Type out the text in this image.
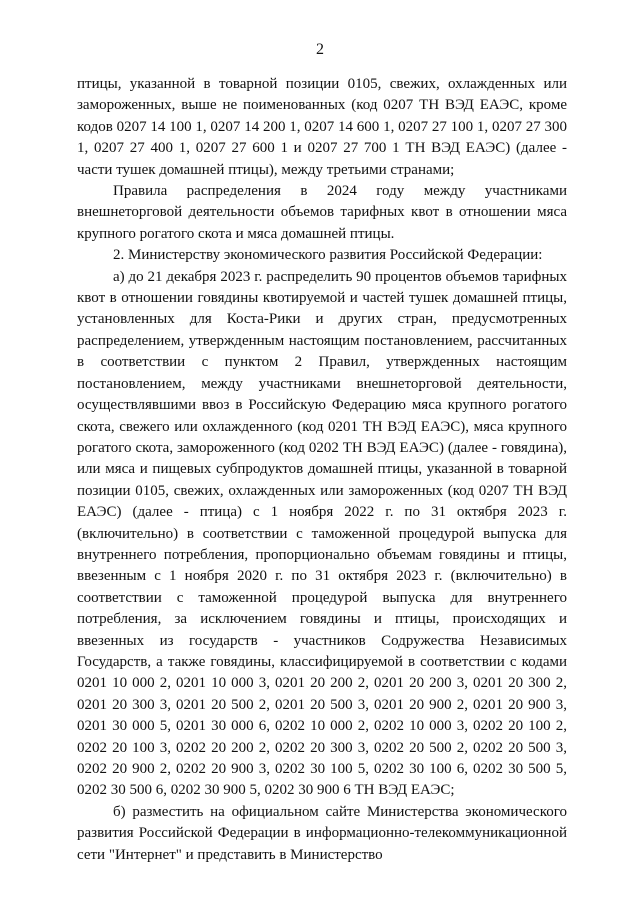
2

птицы, указанной в товарной позиции 0105, свежих, охлажденных или замороженных, выше не поименованных (код 0207 ТН ВЭД ЕАЭС, кроме кодов 0207 14 100 1, 0207 14 200 1, 0207 14 600 1, 0207 27 100 1, 0207 27 300 1, 0207 27 400 1, 0207 27 600 1 и 0207 27 700 1 ТН ВЭД ЕАЭС) (далее - части тушек домашней птицы), между третьими странами;

Правила распределения в 2024 году между участниками внешнеторговой деятельности объемов тарифных квот в отношении мяса крупного рогатого скота и мяса домашней птицы.

2. Министерству экономического развития Российской Федерации:

а) до 21 декабря 2023 г. распределить 90 процентов объемов тарифных квот в отношении говядины квотируемой и частей тушек домашней птицы, установленных для Коста-Рики и других стран, предусмотренных распределением, утвержденным настоящим постановлением, рассчитанных в соответствии с пунктом 2 Правил, утвержденных настоящим постановлением, между участниками внешнеторговой деятельности, осуществлявшими ввоз в Российскую Федерацию мяса крупного рогатого скота, свежего или охлажденного (код 0201 ТН ВЭД ЕАЭС), мяса крупного рогатого скота, замороженного (код 0202 ТН ВЭД ЕАЭС) (далее - говядина), или мяса и пищевых субпродуктов домашней птицы, указанной в товарной позиции 0105, свежих, охлажденных или замороженных (код 0207 ТН ВЭД ЕАЭС) (далее - птица) с 1 ноября 2022 г. по 31 октября 2023 г. (включительно) в соответствии с таможенной процедурой выпуска для внутреннего потребления, пропорционально объемам говядины и птицы, ввезенным с 1 ноября 2020 г. по 31 октября 2023 г. (включительно) в соответствии с таможенной процедурой выпуска для внутреннего потребления, за исключением говядины и птицы, происходящих и ввезенных из государств - участников Содружества Независимых Государств, а также говядины, классифицируемой в соответствии с кодами 0201 10 000 2, 0201 10 000 3, 0201 20 200 2, 0201 20 200 3, 0201 20 300 2, 0201 20 300 3, 0201 20 500 2, 0201 20 500 3, 0201 20 900 2, 0201 20 900 3, 0201 30 000 5, 0201 30 000 6, 0202 10 000 2, 0202 10 000 3, 0202 20 100 2, 0202 20 100 3, 0202 20 200 2, 0202 20 300 3, 0202 20 500 2, 0202 20 500 3, 0202 20 900 2, 0202 20 900 3, 0202 30 100 5, 0202 30 100 6, 0202 30 500 5, 0202 30 500 6, 0202 30 900 5, 0202 30 900 6 ТН ВЭД ЕАЭС;

б) разместить на официальном сайте Министерства экономического развития Российской Федерации в информационно-телекоммуникационной сети "Интернет" и представить в Министерство
